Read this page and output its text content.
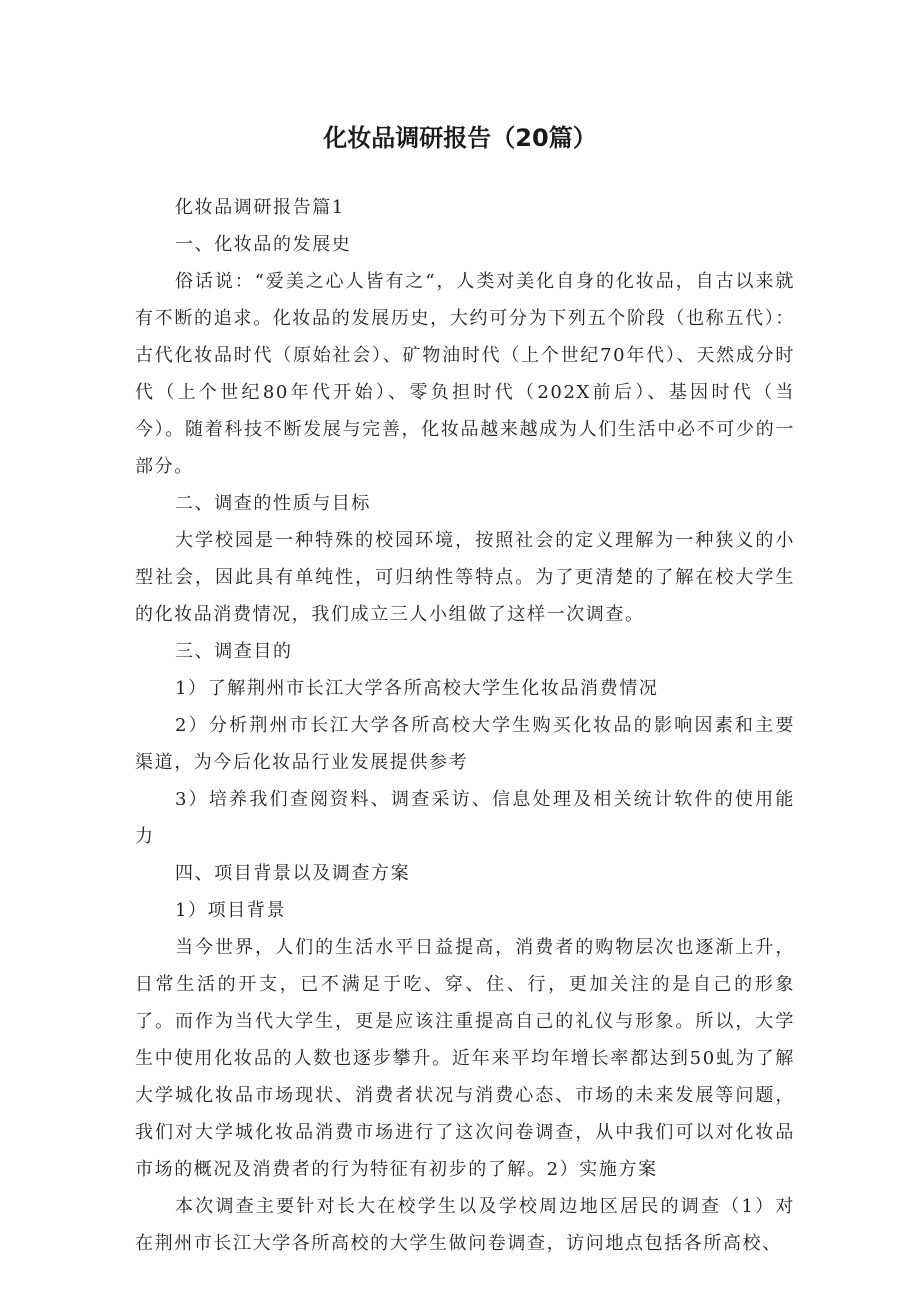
化妆品调研报告（20篇）

化妆品调研报告篇1

一、化妆品的发展史

俗话说：“爱美之心人皆有之“，人类对美化自身的化妆品，自古以来就有不断的追求。化妆品的发展历史，大约可分为下列五个阶段（也称五代）：古代化妆品时代（原始社会）、矿物油时代（上个世纪70年代）、天然成分时代（上个世纪80年代开始）、零负担时代（202X前后）、基因时代（当今）。随着科技不断发展与完善，化妆品越来越成为人们生活中必不可少的一部分。

二、调查的性质与目标

大学校园是一种特殊的校园环境，按照社会的定义理解为一种狭义的小型社会，因此具有单纯性，可归纳性等特点。为了更清楚的了解在校大学生的化妆品消费情况，我们成立三人小组做了这样一次调查。

三、调查目的

1）了解荆州市长江大学各所高校大学生化妆品消费情况

2）分析荆州市长江大学各所高校大学生购买化妆品的影响因素和主要渠道，为今后化妆品行业发展提供参考

3）培养我们查阅资料、调查采访、信息处理及相关统计软件的使用能力

四、项目背景以及调查方案

1）项目背景

当今世界，人们的生活水平日益提高，消费者的购物层次也逐渐上升，日常生活的开支，已不满足于吃、穿、住、行，更加关注的是自己的形象了。而作为当代大学生，更是应该注重提高自己的礼仪与形象。所以，大学生中使用化妆品的人数也逐步攀升。近年来平均年增长率都达到50虬为了解大学城化妆品市场现状、消费者状况与消费心态、市场的未来发展等问题，我们对大学城化妆品消费市场进行了这次问卷调查，从中我们可以对化妆品市场的概况及消费者的行为特征有初步的了解。2）实施方案

本次调查主要针对长大在校学生以及学校周边地区居民的调查（1）对在荆州市长江大学各所高校的大学生做问卷调查，访问地点包括各所高校、
